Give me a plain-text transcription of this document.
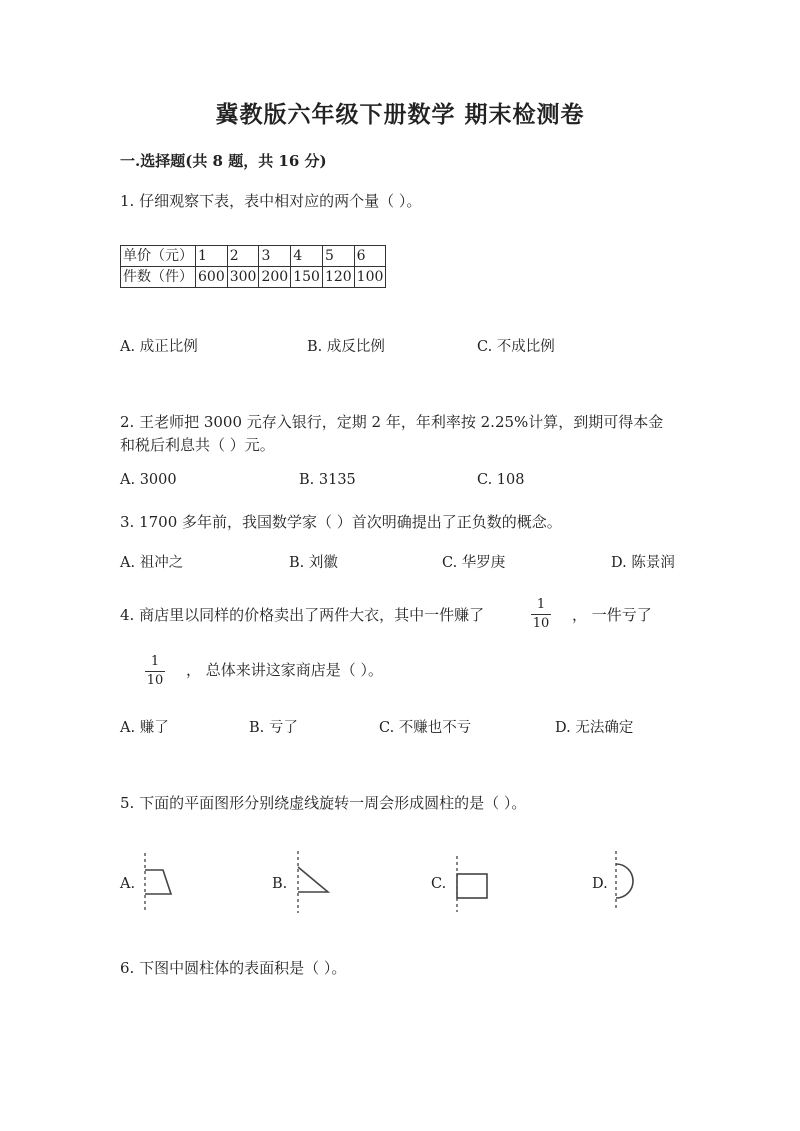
冀教版六年级下册数学 期末检测卷
一.选择题(共 8 题，共 16 分)
1. 仔细观察下表，表中相对应的两个量（ ）。
单价（元）	1	2	3	4	5	6
件数（件）	600	300	200	150	120	100
A. 成正比例	B. 成反比例	C. 不成比例
2. 王老师把 3000 元存入银行，定期 2 年，年利率按 2.25%计算，到期可得本金
和税后利息共（ ）元。
A. 3000	B. 3135	C. 108
3. 1700 多年前，我国数学家（ ）首次明确提出了正负数的概念。
A. 祖冲之	B. 刘徽	C. 华罗庚	D. 陈景润
4. 商店里以同样的价格卖出了两件大衣，其中一件赚了
1
10 ， 一件亏了
1
10
， 总体来讲这家商店是（ ）。
A. 赚了	B. 亏了	C. 不赚也不亏	D. 无法确定
5. 下面的平面图形分别绕虚线旋转一周会形成圆柱的是（ ）。
A.	B.	C.	D.
6. 下图中圆柱体的表面积是（ ）。
